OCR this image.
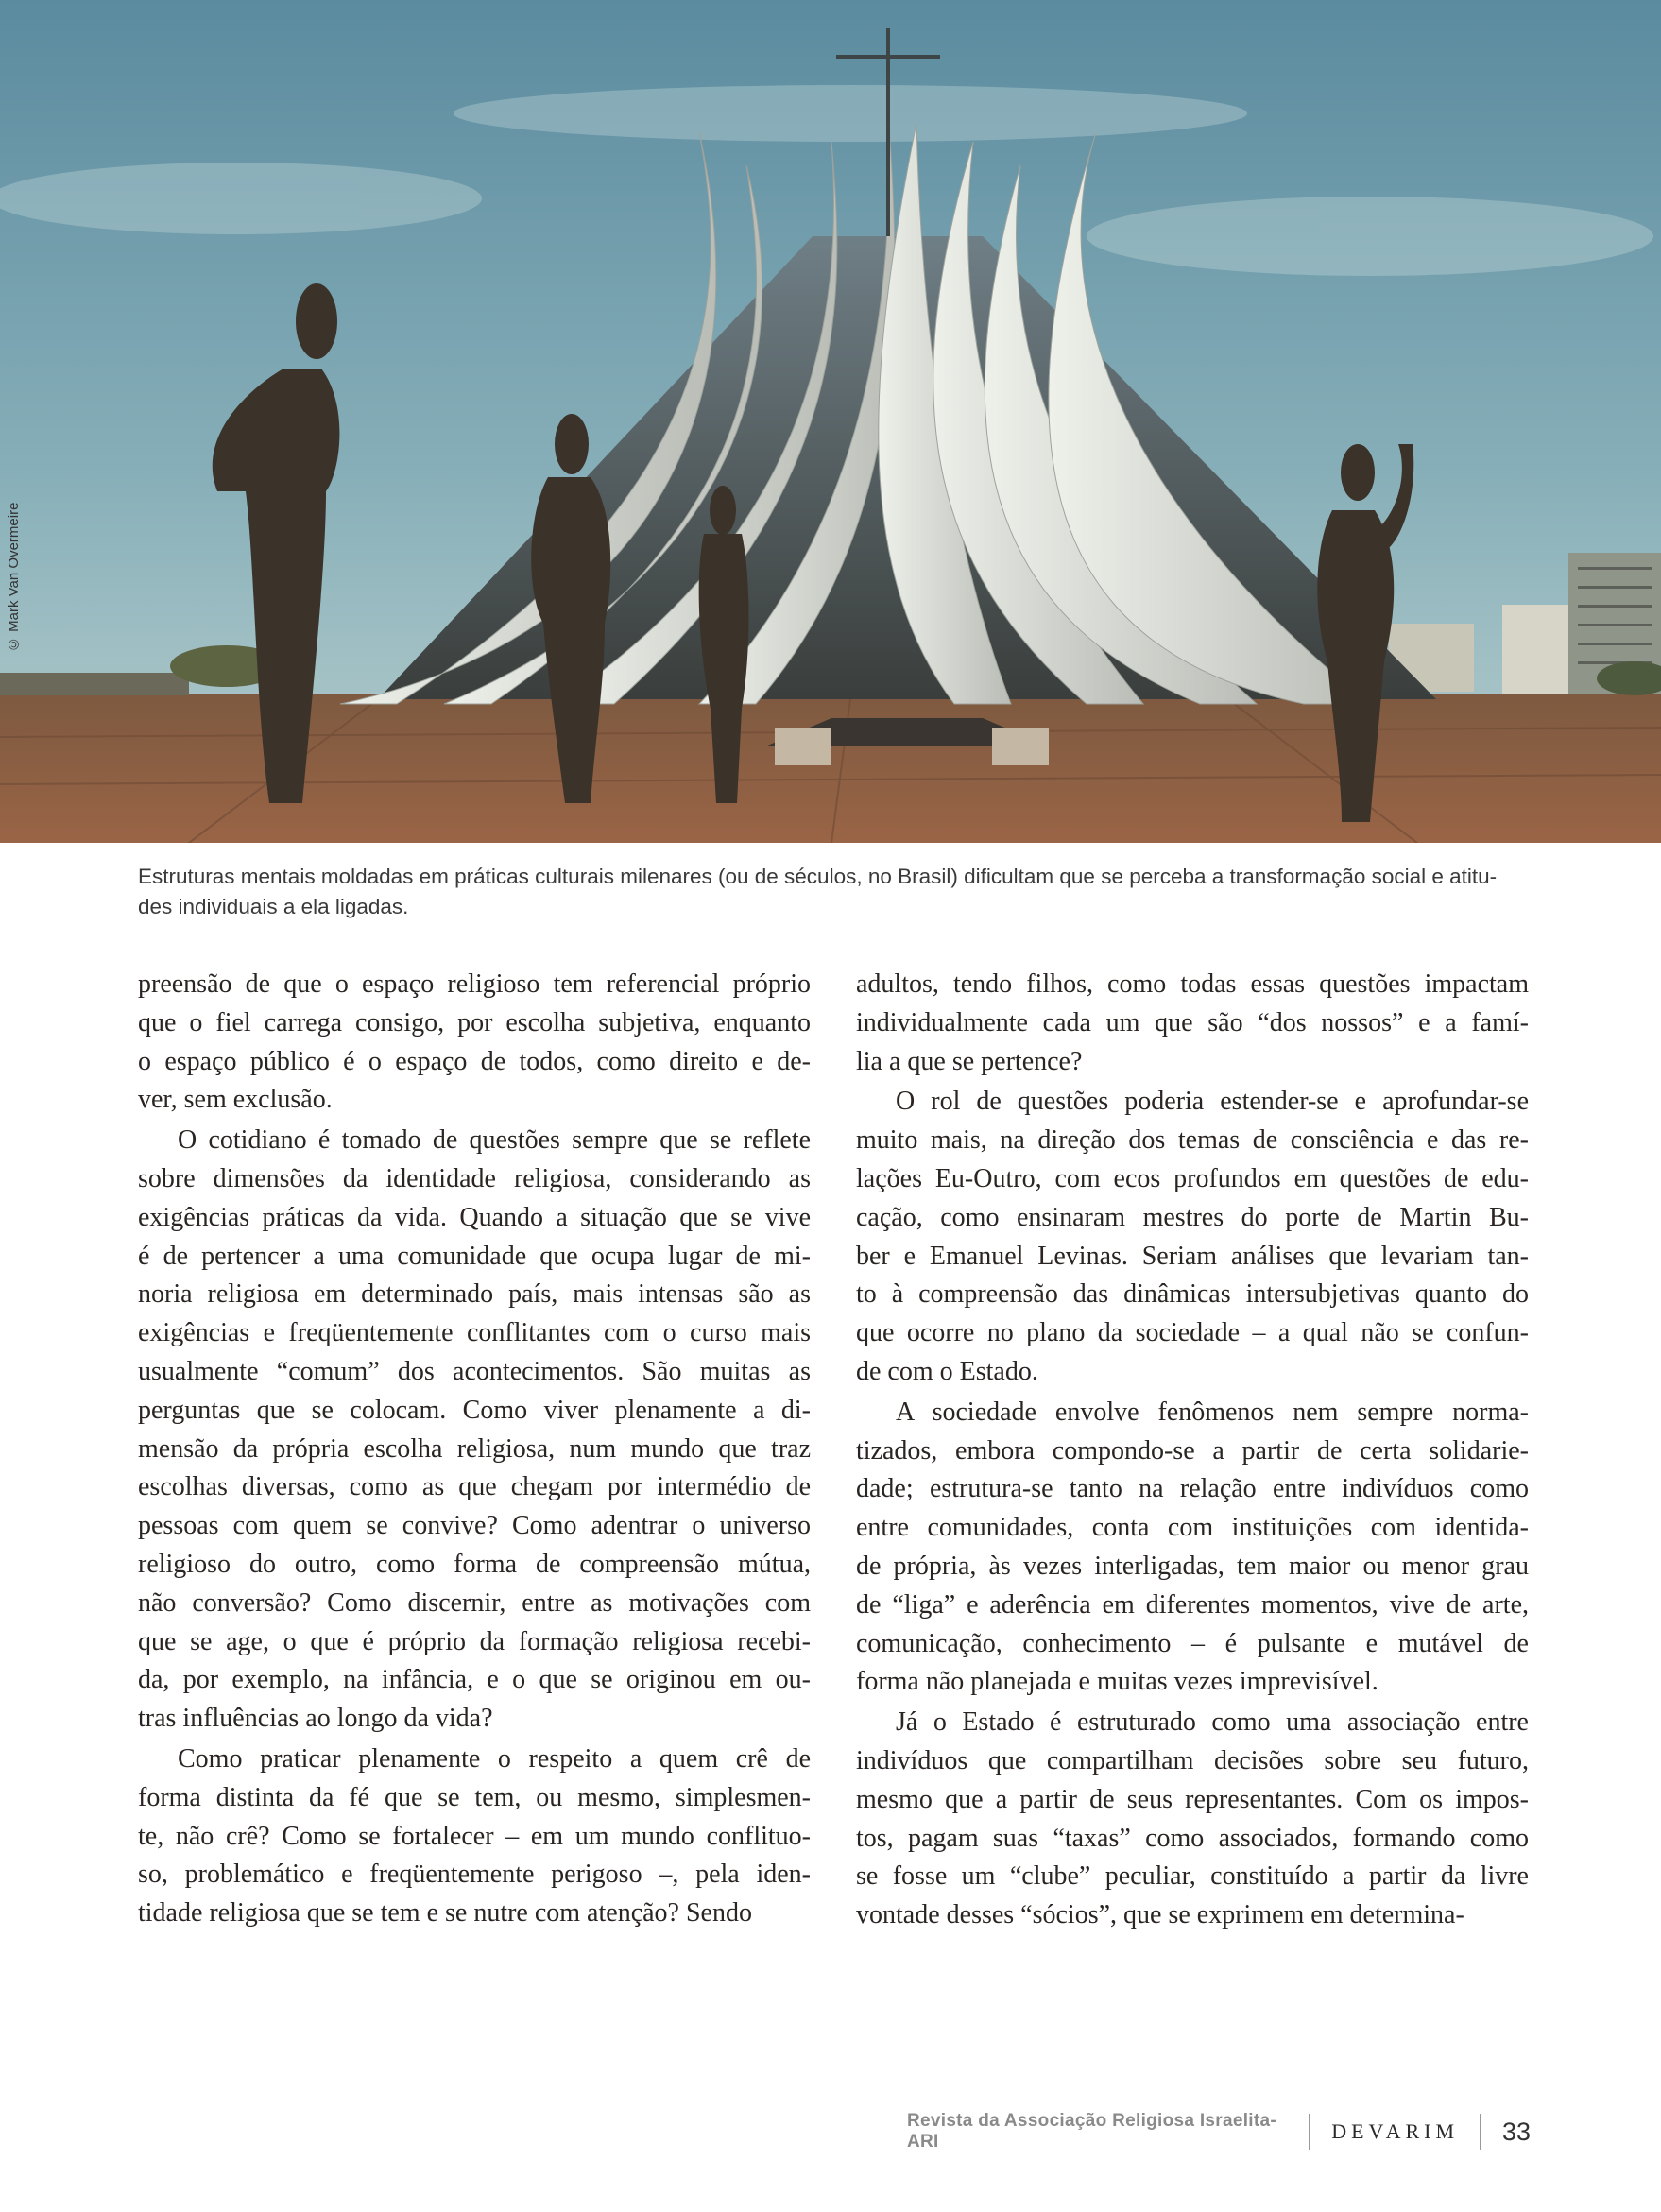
© Mark Van Overmeire

Estruturas mentais moldadas em práticas culturais milenares (ou de séculos, no Brasil) dificultam que se perceba a transformação social e atitu-

des individuais a ela ligadas.

preensão de que o espaço religioso tem referencial próprio
que o fiel carrega consigo, por escolha subjetiva, enquanto
o espaço público é o espaço de todos, como direito e de-
ver, sem exclusão.

O cotidiano é tomado de questões sempre que se reflete
sobre dimensões da identidade religiosa, considerando as
exigências práticas da vida. Quando a situação que se vive
é de pertencer a uma comunidade que ocupa lugar de mi-
noria religiosa em determinado país, mais intensas são as
exigências e freqüentemente conflitantes com o curso mais
usualmente “comum” dos acontecimentos. São muitas as
perguntas que se colocam. Como viver plenamente a di-
mensão da própria escolha religiosa, num mundo que traz
escolhas diversas, como as que chegam por intermédio de
pessoas com quem se convive? Como adentrar o universo
religioso do outro, como forma de compreensão mútua,
não conversão? Como discernir, entre as motivações com
que se age, o que é próprio da formação religiosa recebi-
da, por exemplo, na infância, e o que se originou em ou-
tras influências ao longo da vida?

Como praticar plenamente o respeito a quem crê de
forma distinta da fé que se tem, ou mesmo, simplesmen-
te, não crê? Como se fortalecer – em um mundo conflituo-
so, problemático e freqüentemente perigoso –, pela iden-
tidade religiosa que se tem e se nutre com atenção? Sendo

adultos, tendo filhos, como todas essas questões impactam
individualmente cada um que são “dos nossos” e a famí-
lia a que se pertence?

O rol de questões poderia estender-se e aprofundar-se
muito mais, na direção dos temas de consciência e das re-
lações Eu-Outro, com ecos profundos em questões de edu-
cação, como ensinaram mestres do porte de Martin Bu-
ber e Emanuel Levinas. Seriam análises que levariam tan-
to à compreensão das dinâmicas intersubjetivas quanto do
que ocorre no plano da sociedade – a qual não se confun-
de com o Estado.

A sociedade envolve fenômenos nem sempre norma-
tizados, embora compondo-se a partir de certa solidarie-
dade; estrutura-se tanto na relação entre indivíduos como
entre comunidades, conta com instituições com identida-
de própria, às vezes interligadas, tem maior ou menor grau
de “liga” e aderência em diferentes momentos, vive de arte,
comunicação, conhecimento – é pulsante e mutável de
forma não planejada e muitas vezes imprevisível.

Já o Estado é estruturado como uma associação entre
indivíduos que compartilham decisões sobre seu futuro,
mesmo que a partir de seus representantes. Com os impos-
tos, pagam suas “taxas” como associados, formando como
se fosse um “clube” peculiar, constituído a partir da livre
vontade desses “sócios”, que se exprimem em determina-

Revista da Associação Religiosa Israelita-ARI	DEVARIM 33
